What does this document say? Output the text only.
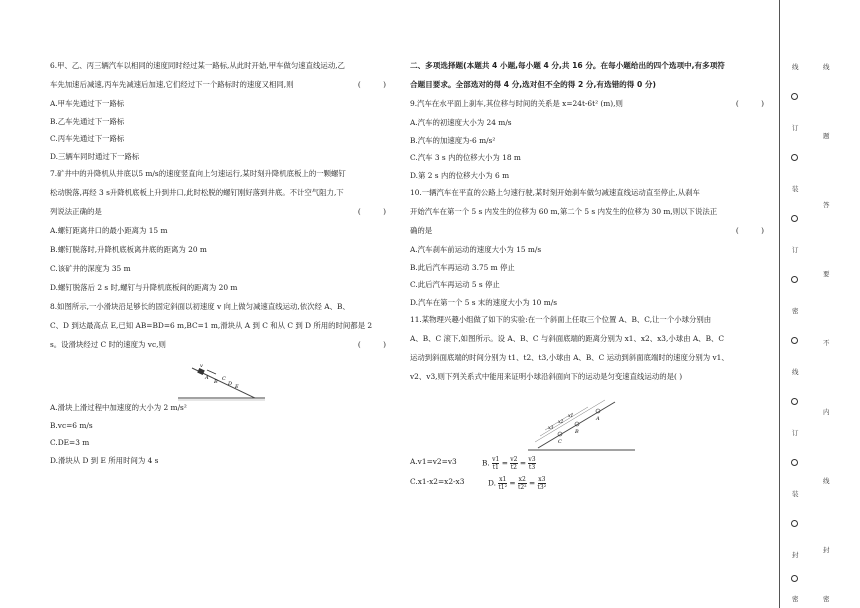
6.甲、乙、丙三辆汽车以相同的速度同时经过某一路标,从此时开始,甲车做匀速直线运动,乙
车先加速后减速,丙车先减速后加速,它们经过下一个路标时的速度又相同,则	( )
A.甲车先通过下一路标
B.乙车先通过下一路标
C.丙车先通过下一路标
D.三辆车同时通过下一路标
7.矿井中的升降机从井底以5 m/s的速度竖直向上匀速运行,某时刻升降机底板上的一颗螺钉
松动脱落,再经 3 s升降机底板上升到井口,此时松脱的螺钉刚好落到井底。不计空气阻力,下
列说法正确的是	( )
A.螺钉距离井口的最小距离为 15 m
B.螺钉脱落时,升降机底板离井底的距离为 20 m
C.该矿井的深度为 35 m
D.螺钉脱落后 2 s 时,螺钉与升降机底板间的距离为 20 m
8.如图所示,一小滑块沿足够长的固定斜面以初速度 v 向上做匀减速直线运动,依次经 A、B、
C、D 到达最高点 E,已知 AB=BD=6 m,BC=1 m,滑块从 A 到 C 和从 C 到 D 所用的时间都是 2
s。设滑块经过 C 时的速度为 vc,则	( )
v
A
B C
D E
A.滑块上滑过程中加速度的大小为 2 m/s²
B.vc=6 m/s
C.DE=3 m
D.滑块从 D 到 E 所用时间为 4 s
二、多项选择题(本题共 4 小题,每小题 4 分,共 16 分。在每小题给出的四个选项中,有多项符
合题目要求。全部选对的得 4 分,选对但不全的得 2 分,有选错的得 0 分)
9.汽车在水平面上刹车,其位移与时间的关系是 x=24t-6t² (m),则	( )
A.汽车的初速度大小为 24 m/s
B.汽车的加速度为-6 m/s²
C.汽车 3 s 内的位移大小为 18 m
D.第 2 s 内的位移大小为 6 m
10.一辆汽车在平直的公路上匀速行驶,某时刻开始刹车做匀减速直线运动直至停止,从刹车
开始汽车在第一个 5 s 内发生的位移为 60 m,第二个 5 s 内发生的位移为 30 m,则以下说法正
确的是	( )
A.汽车刹车前运动的速度大小为 15 m/s
B.此后汽车再运动 3.75 m 停止
C.此后汽车再运动 5 s 停止
D.汽车在第一个 5 s 末的速度大小为 10 m/s
11.某物理兴趣小组做了如下的实验:在一个斜面上任取三个位置 A、B、C,让一个小球分别由
A、B、C 滚下,如图所示。设 A、B、C 与斜面底端的距离分别为 x1、x2、x3,小球由 A、B、C
运动到斜面底端的时间分别为 t1、t2、t3,小球由 A、B、C 运动到斜面底端时的速度分别为 v1、
v2、v3,则下列关系式中能用来证明小球沿斜面向下的运动是匀变速直线运动的是( )
A
B
C
x1
x2
x3
A.v1=v2=v3	B. $\frac{v1}{t1} = \frac{v2}{t2} = \frac{v3}{t3}$
C.x1-x2=x2-x3	D. $\frac{x1}{\text{t1²}} = \frac{x2}{\text{t2²}} = \frac{x3}{\text{t3²}}$
线
订
装
订
密
线
订
装
封
密
线
题
答
要
不
内
线
封
密
